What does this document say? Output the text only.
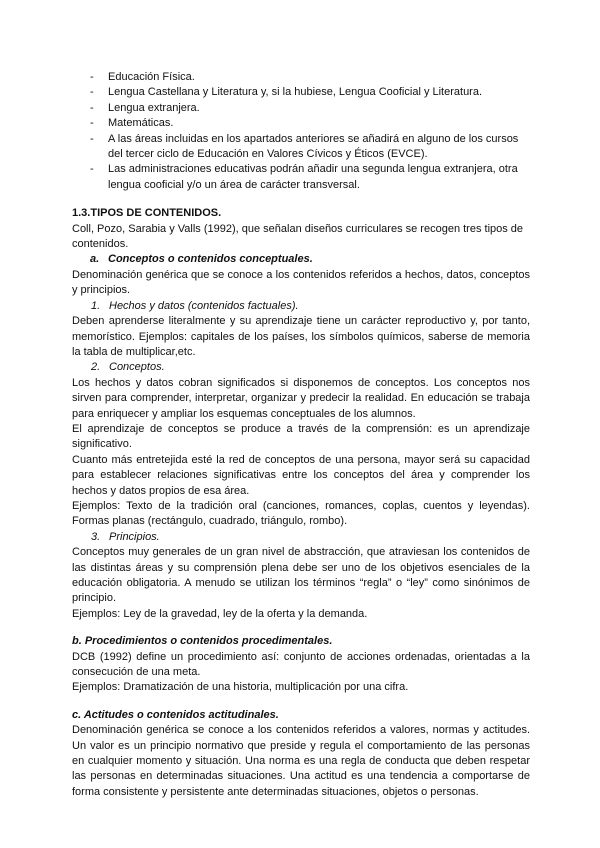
- Educación Física.
- Lengua Castellana y Literatura y, si la hubiese, Lengua Cooficial y Literatura.
- Lengua extranjera.
- Matemáticas.
- A las áreas incluidas en los apartados anteriores se añadirá en alguno de los cursos del tercer ciclo de Educación en Valores Cívicos y Éticos (EVCE).
- Las administraciones educativas podrán añadir una segunda lengua extranjera, otra lengua cooficial y/o un área de carácter transversal.

1.3.TIPOS DE CONTENIDOS.

Coll, Pozo, Sarabia y Valls (1992), que señalan diseños curriculares se recogen tres tipos de contenidos.

a. Conceptos o contenidos conceptuales.

Denominación genérica que se conoce a los contenidos referidos a hechos, datos, conceptos y principios.

1. Hechos y datos (contenidos factuales).

Deben aprenderse literalmente y su aprendizaje tiene un carácter reproductivo y, por tanto, memorístico. Ejemplos: capitales de los países, los símbolos químicos, saberse de memoria la tabla de multiplicar,etc.

2. Conceptos.

Los hechos y datos cobran significados si disponemos de conceptos. Los conceptos nos sirven para comprender, interpretar, organizar y predecir la realidad. En educación se trabaja para enriquecer y ampliar los esquemas conceptuales de los alumnos.

El aprendizaje de conceptos se produce a través de la comprensión: es un aprendizaje significativo.

Cuanto más entretejida esté la red de conceptos de una persona, mayor será su capacidad para establecer relaciones significativas entre los conceptos del área y comprender los hechos y datos propios de esa área.

Ejemplos: Texto de la tradición oral (canciones, romances, coplas, cuentos y leyendas). Formas planas (rectángulo, cuadrado, triángulo, rombo).

3. Principios.

Conceptos muy generales de un gran nivel de abstracción, que atraviesan los contenidos de las distintas áreas y su comprensión plena debe ser uno de los objetivos esenciales de la educación obligatoria. A menudo se utilizan los términos “regla” o “ley” como sinónimos de principio.

Ejemplos: Ley de la gravedad, ley de la oferta y la demanda.

b. Procedimientos o contenidos procedimentales.

DCB (1992) define un procedimiento así: conjunto de acciones ordenadas, orientadas a la consecución de una meta.

Ejemplos: Dramatización de una historia, multiplicación por una cifra.

c. Actitudes o contenidos actitudinales.

Denominación genérica se conoce a los contenidos referidos a valores, normas y actitudes. Un valor es un principio normativo que preside y regula el comportamiento de las personas en cualquier momento y situación. Una norma es una regla de conducta que deben respetar las personas en determinadas situaciones. Una actitud es una tendencia a comportarse de forma consistente y persistente ante determinadas situaciones, objetos o personas.
